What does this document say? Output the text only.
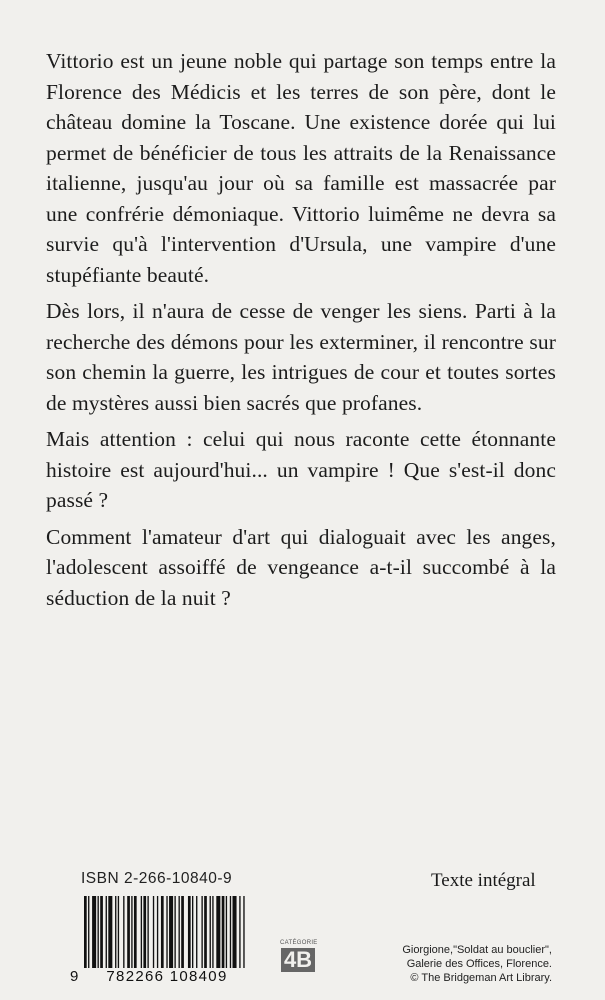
Vittorio est un jeune noble qui partage son temps entre la Florence des Médicis et les terres de son père, dont le château domine la Toscane. Une existence dorée qui lui permet de bénéficier de tous les attraits de la Renaissance italienne, jusqu'au jour où sa famille est massacrée par une confrérie démoniaque. Vittorio luimême ne devra sa survie qu'à l'intervention d'Ursula, une vampire d'une stupéfiante beauté.

Dès lors, il n'aura de cesse de venger les siens. Parti à la recherche des démons pour les exterminer, il rencontre sur son chemin la guerre, les intrigues de cour et toutes sortes de mystères aussi bien sacrés que profanes.

Mais attention : celui qui nous raconte cette étonnante histoire est aujourd'hui... un vampire ! Que s'est-il donc passé ?

Comment l'amateur d'art qui dialoguait avec les anges, l'adolescent assoiffé de vengeance a-t-il succombé à la séduction de la nuit ?

ISBN 2-266-10840-9	Texte intégral
9	782266 108409
CATÉGORIE
4B	Giorgione,"Soldat au bouclier",
Galerie des Offices, Florence.
© The Bridgeman Art Library.
